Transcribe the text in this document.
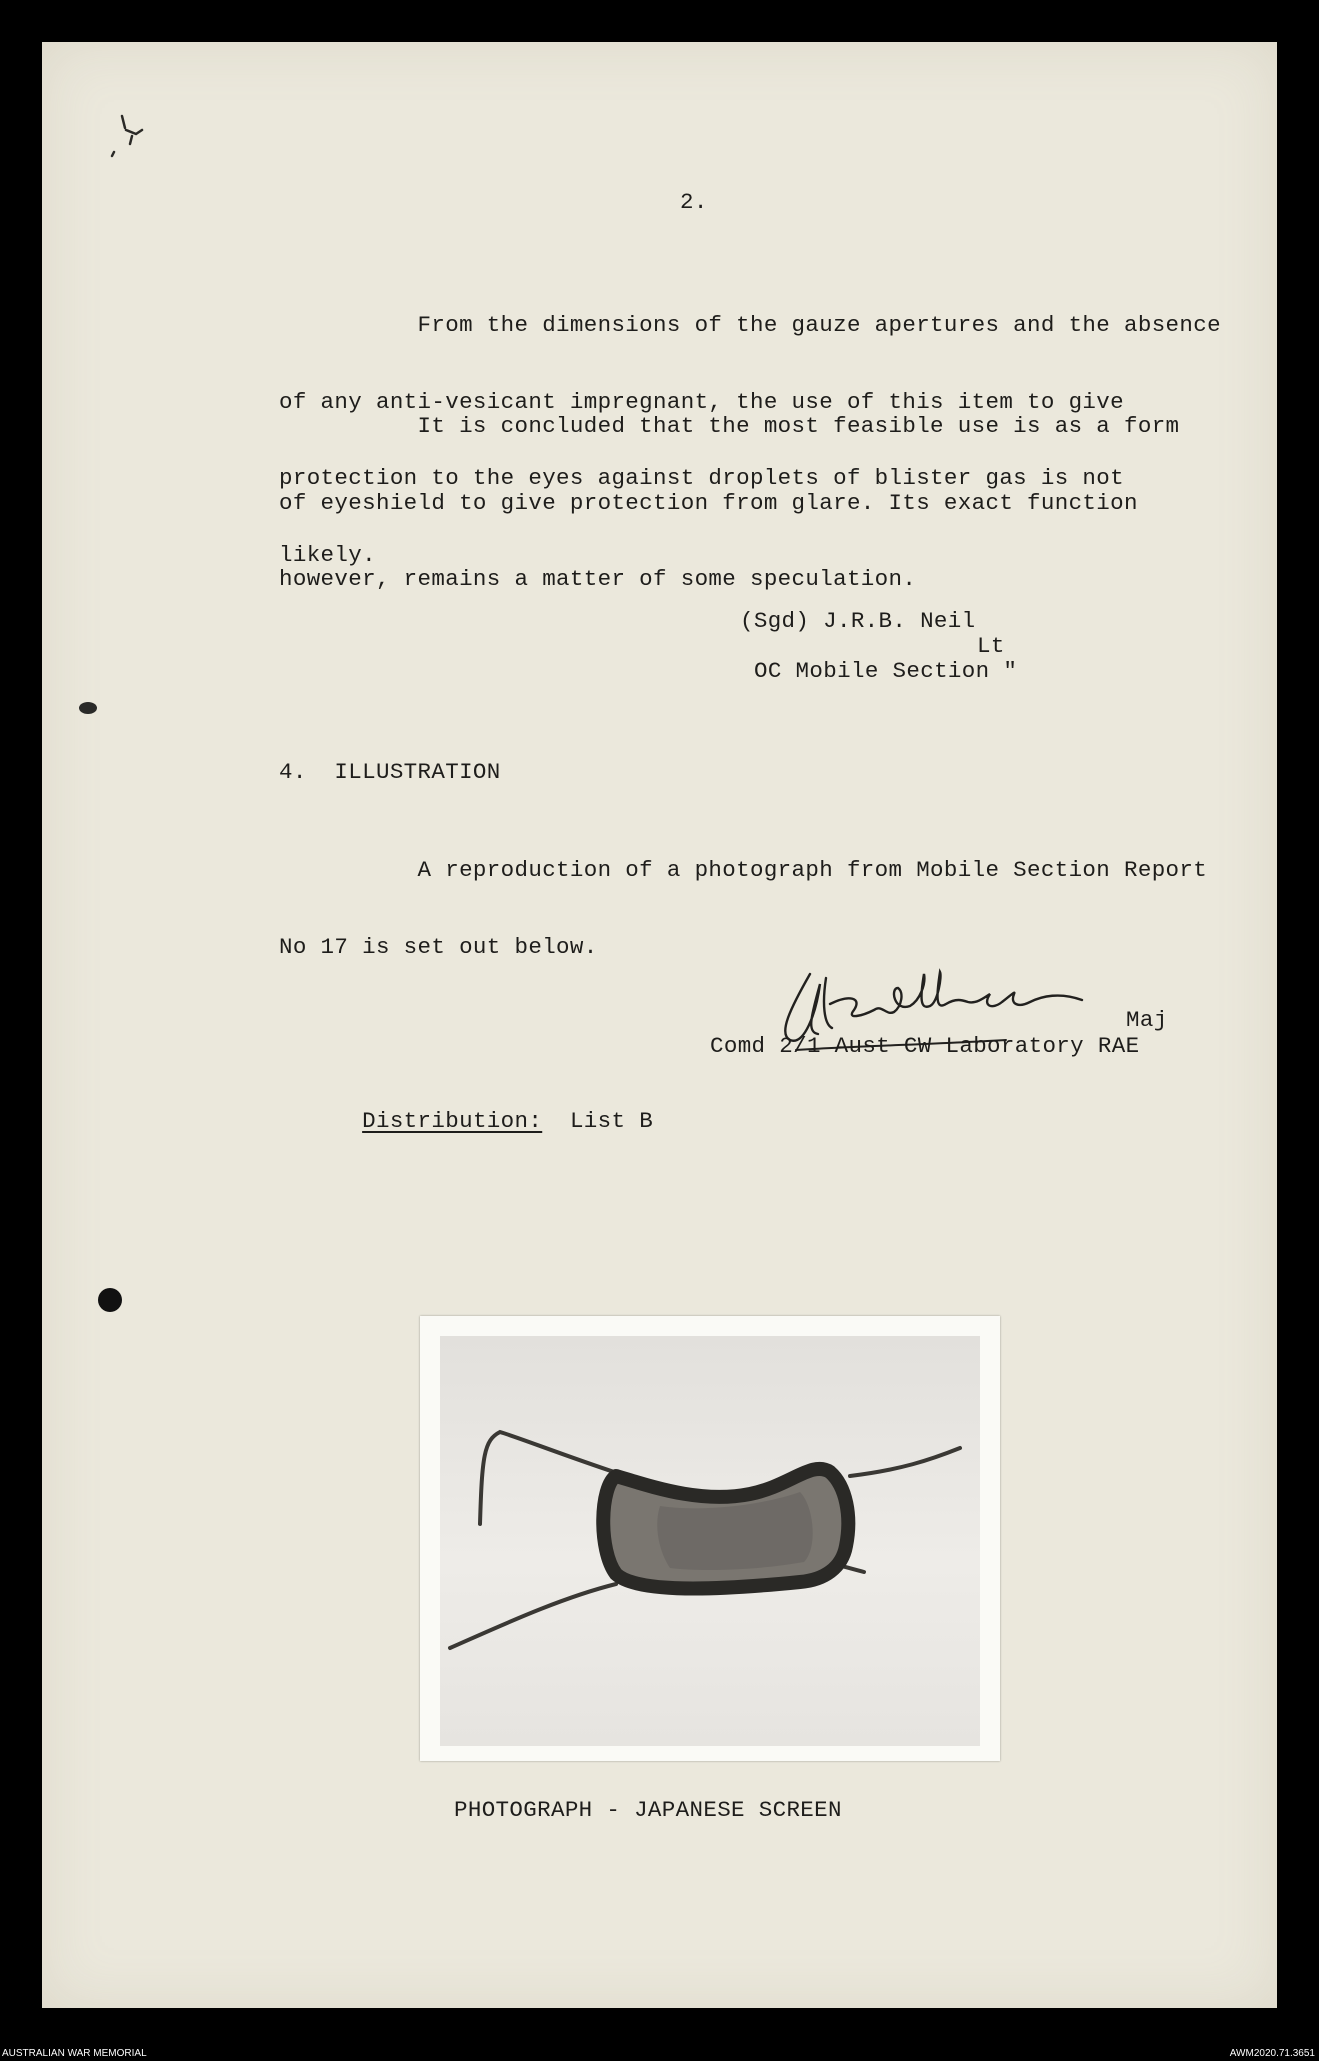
2.

From the dimensions of the gauze apertures and the absence

of any anti-vesicant impregnant, the use of this item to give

protection to the eyes against droplets of blister gas is not

likely.

It is concluded that the most feasible use is as a form

of eyeshield to give protection from glare. Its exact function

however, remains a matter of some speculation.

(Sgd) J.R.B. Neil
Lt
OC Mobile Section "
4.  ILLUSTRATION

A reproduction of a photograph from Mobile Section Report

No 17 is set out below.

Maj
Comd 2/1 Aust CW Laboratory RAE

Distribution: List B

PHOTOGRAPH - JAPANESE SCREEN
AUSTRALIAN WAR MEMORIAL	AWM2020.71.3651
